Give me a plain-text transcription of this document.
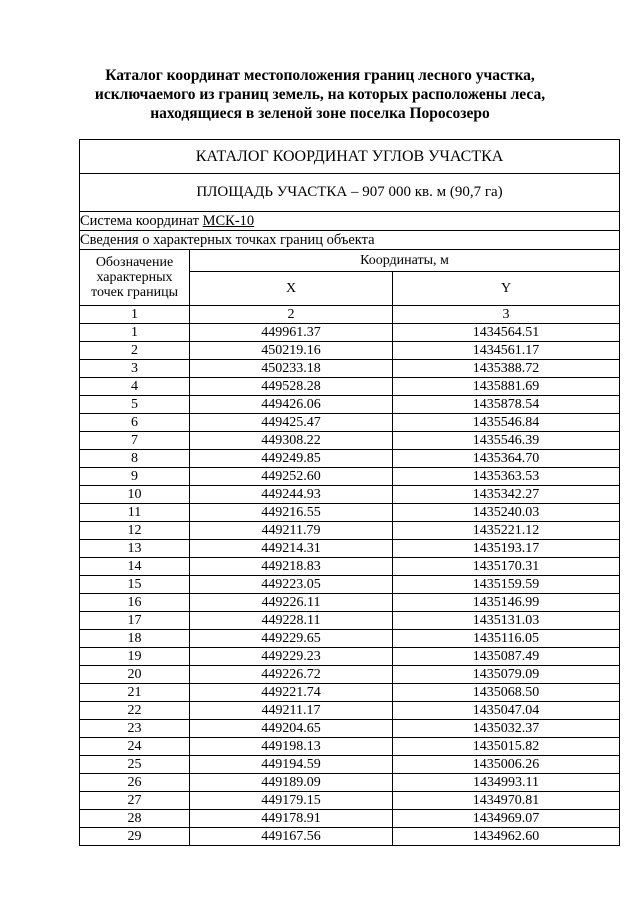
Каталог координат местоположения границ лесного участка,
исключаемого из границ земель, на которых расположены леса,
находящиеся в зеленой зоне поселка Поросозеро
КАТАЛОГ КООРДИНАТ УГЛОВ УЧАСТКА		
ПЛОЩАДЬ УЧАСТКА – 907 000 кв. м (90,7 га)		
Система координат МСК-10		
Сведения о характерных точках границ объекта		
Обозначение характерных точек границы	Координаты, м	
	X	Y
1	2	3
1	449961.37	1434564.51
2	450219.16	1434561.17
3	450233.18	1435388.72
4	449528.28	1435881.69
5	449426.06	1435878.54
6	449425.47	1435546.84
7	449308.22	1435546.39
8	449249.85	1435364.70
9	449252.60	1435363.53
10	449244.93	1435342.27
11	449216.55	1435240.03
12	449211.79	1435221.12
13	449214.31	1435193.17
14	449218.83	1435170.31
15	449223.05	1435159.59
16	449226.11	1435146.99
17	449228.11	1435131.03
18	449229.65	1435116.05
19	449229.23	1435087.49
20	449226.72	1435079.09
21	449221.74	1435068.50
22	449211.17	1435047.04
23	449204.65	1435032.37
24	449198.13	1435015.82
25	449194.59	1435006.26
26	449189.09	1434993.11
27	449179.15	1434970.81
28	449178.91	1434969.07
29	449167.56	1434962.60
